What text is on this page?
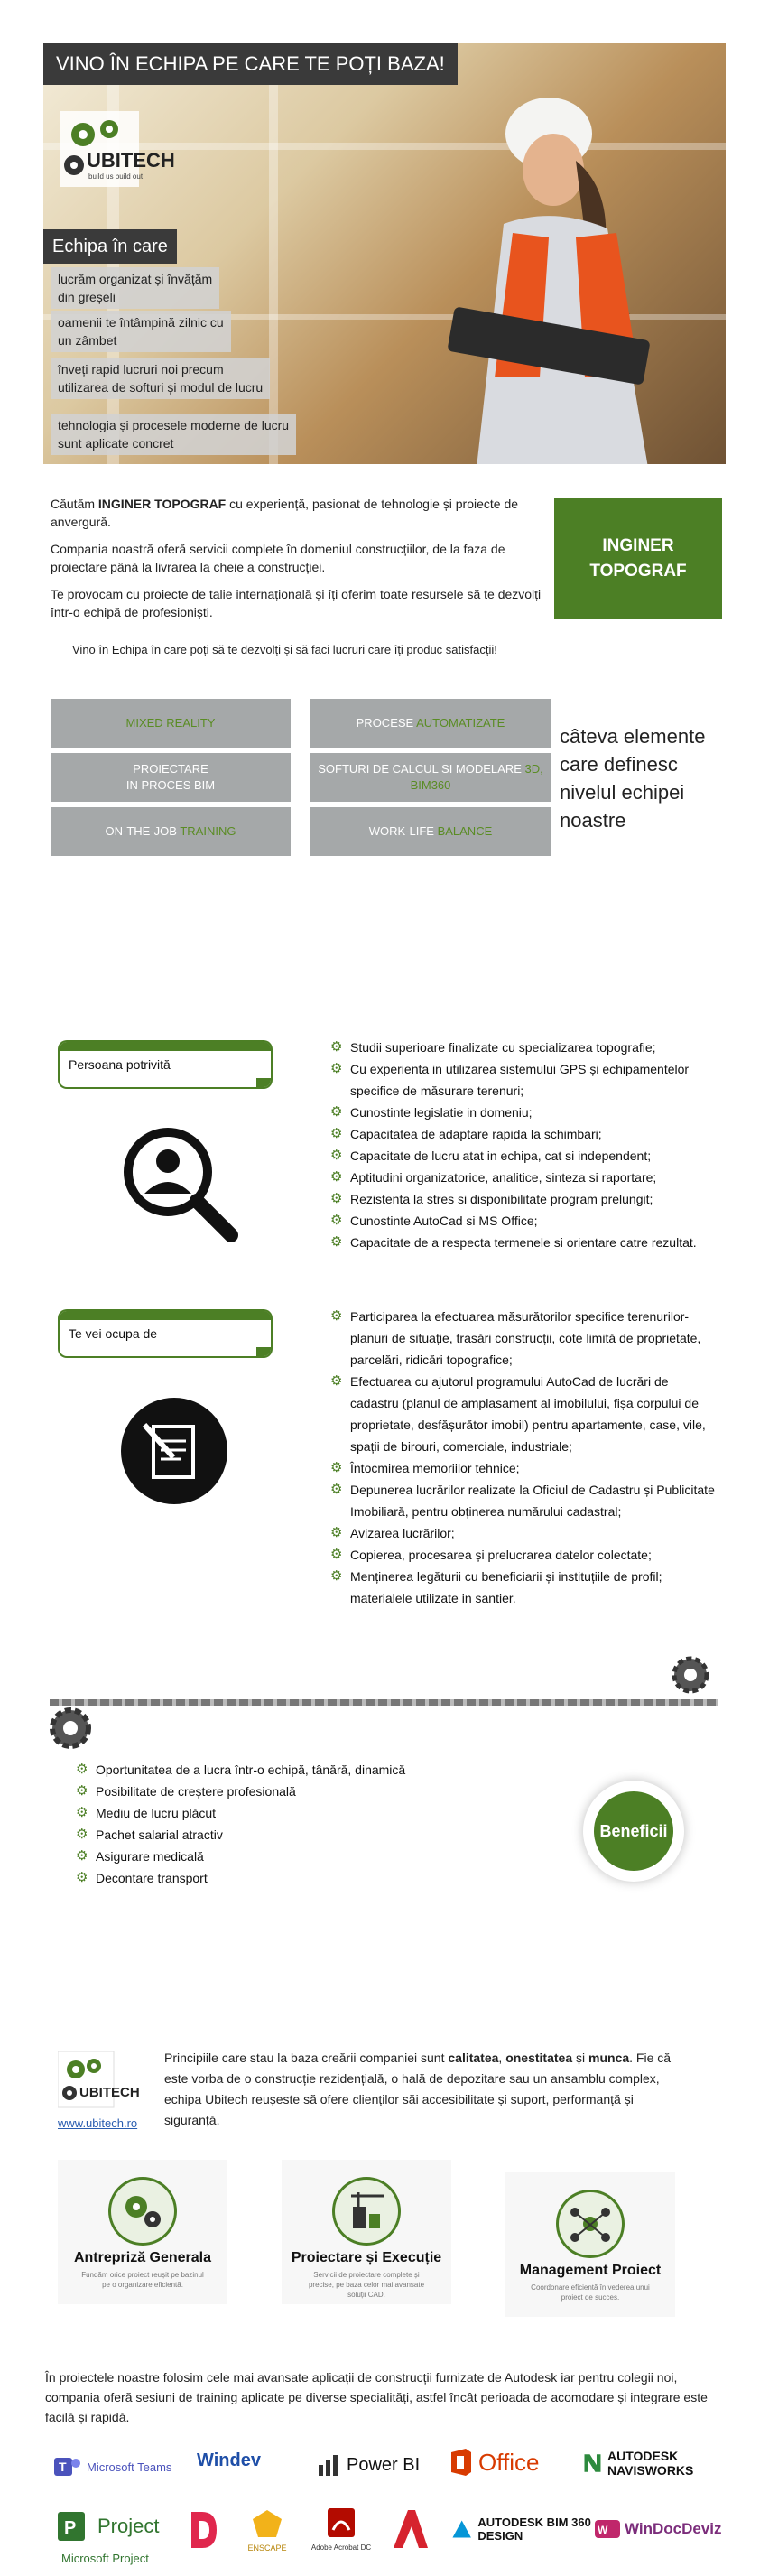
VINO ÎN ECHIPA PE CARE TE POȚI BAZA!
UBITECH
build us build out
Echipa în care
lucrăm organizat și învățăm
din greșeli
oamenii te întâmpină zilnic cu
un zâmbet
înveți rapid lucruri noi precum
utilizarea de softuri și modul de lucru
tehnologia și procesele moderne de lucru
sunt aplicate concret

Căutăm INGINER TOPOGRAF cu experiență, pasionat de tehnologie și proiecte de anvergură.

Compania noastră oferă servicii complete în domeniul construcțiilor, de la faza de proiectare până la livrarea la cheie a construcției.

Te provocam cu proiecte de talie internațională și îți oferim toate resursele să te dezvolți într-o echipă de profesioniști.

INGINER
TOPOGRAF
Vino în Echipa în care poți să te dezvolți și să faci lucruri care îți produc satisfacții!
MIXED REALITY	PROCESE AUTOMATIZATE
PROIECTARE
IN PROCES BIM
SOFTURI DE CALCUL SI MODELARE 3D,
BIM360
ON-THE-JOB TRAINING	WORK-LIFE BALANCE
câteva elemente care definesc nivelul echipei noastre
Persoana potrivită
⚙ Studii superioare finalizate cu specializarea topografie;
⚙ Cu experienta in utilizarea sistemului GPS și echipamentelor specifice de măsurare terenuri;
⚙ Cunostinte legislatie in domeniu;
⚙ Capacitatea de adaptare rapida la schimbari;
⚙ Capacitate de lucru atat in echipa, cat si independent;
⚙ Aptitudini organizatorice, analitice, sinteza si raportare;
⚙ Rezistenta la stres si disponibilitate program prelungit;
⚙ Cunostinte AutoCad si MS Office;
⚙ Capacitate de a respecta termenele si orientare catre rezultat.
Te vei ocupa de
⚙ Participarea la efectuarea măsurătorilor specifice terenurilor- planuri de situație, trasări construcții, cote limită de proprietate, parcelări, ridicări topografice;
⚙ Efectuarea cu ajutorul programului AutoCad de lucrări de cadastru (planul de amplasament al imobilului, fișa corpului de proprietate, desfășurător imobil) pentru apartamente, case, vile, spații de birouri, comerciale, industriale;
⚙ Întocmirea memoriilor tehnice;
⚙ Depunerea lucrărilor realizate la Oficiul de Cadastru și Publicitate Imobiliară, pentru obținerea numărului cadastral;
⚙ Avizarea lucrărilor;
⚙ Copierea, procesarea și prelucrarea datelor colectate;
⚙ Menținerea legăturii cu beneficiarii și instituțiile de profil; materialele utilizate in santier.
⚙ Oportunitatea de a lucra într-o echipă, tânără, dinamică
⚙ Posibilitate de creștere profesională
⚙ Mediu de lucru plăcut
⚙ Pachet salarial atractiv
⚙ Asigurare medicală
⚙ Decontare transport
Beneficii
UBITECH
www.ubitech.ro
Principiile care stau la baza creării companiei sunt calitatea, onestitatea și munca. Fie că este vorba de o construcție rezidențială, o hală de depozitare sau un ansamblu complex, echipa Ubitech reușeste să ofere clienților săi accesibilitate și suport, performanță și siguranță.
Antrepriză Generala
Fundăm orice proiect reușit pe bazinul pe o organizare eficientă.
Proiectare și Execuție
Servicii de proiectare complete și precise, pe baza celor mai avansate soluții CAD.
Management Proiect
Coordonare eficientă în vederea unui proiect de succes.
În proiectele noastre folosim cele mai avansate aplicații de construcții furnizate de Autodesk iar pentru colegii noi, compania oferă sesiuni de training aplicate pe diverse specialități, astfel încât perioada de acomodare și integrare este facilă și rapidă.
T Microsoft Teams Windev	Power BI Office	AUTODESK NAVISWORKS
P Project
Microsoft Project
ENSCAPE	Adobe Acrobat DC
AUTODESK BIM 360 DESIGN	W WinDocDeviz
